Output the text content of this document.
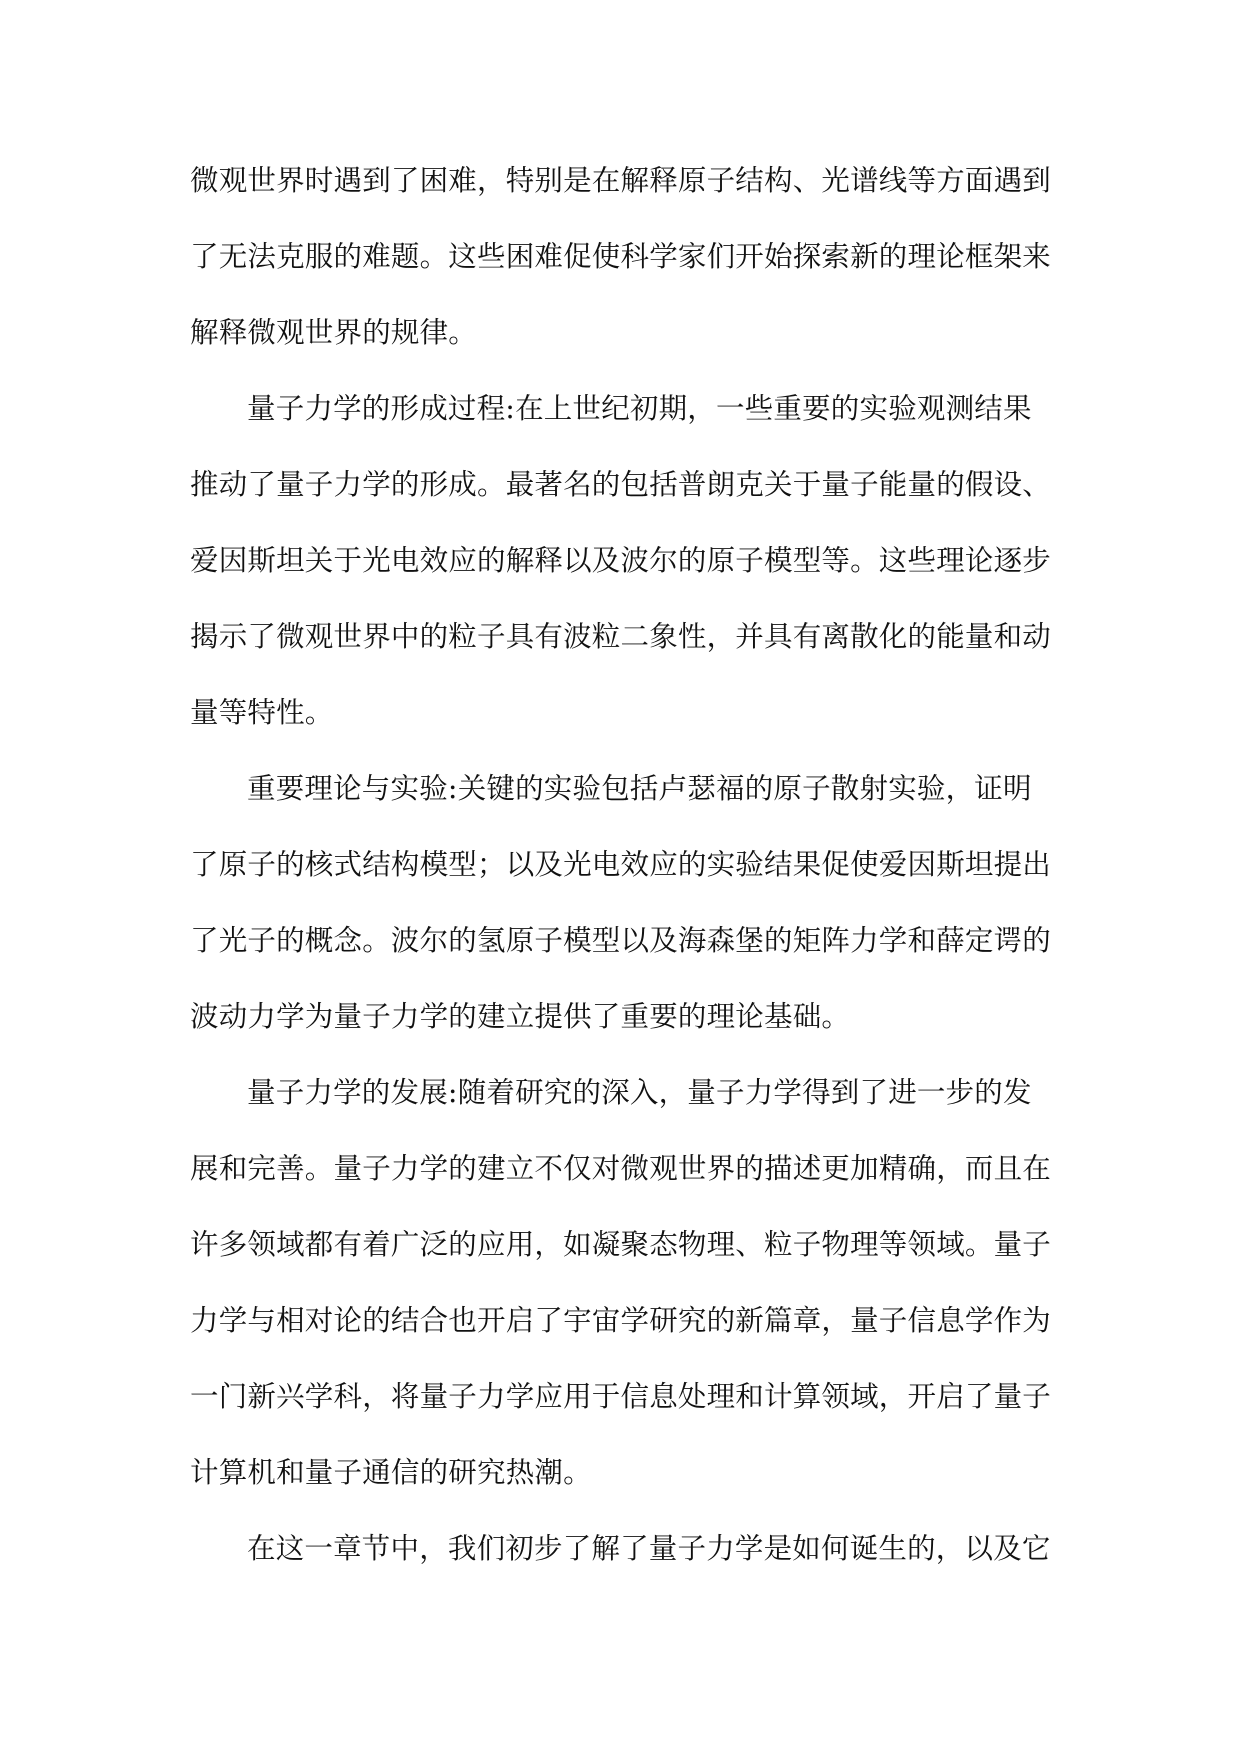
微观世界时遇到了困难，特别是在解释原子结构、光谱线等方面遇到
了无法克服的难题。这些困难促使科学家们开始探索新的理论框架来
解释微观世界的规律。

量子力学的形成过程:在上世纪初期，一些重要的实验观测结果
推动了量子力学的形成。最著名的包括普朗克关于量子能量的假设、
爱因斯坦关于光电效应的解释以及波尔的原子模型等。这些理论逐步
揭示了微观世界中的粒子具有波粒二象性，并具有离散化的能量和动
量等特性。

重要理论与实验:关键的实验包括卢瑟福的原子散射实验，证明
了原子的核式结构模型；以及光电效应的实验结果促使爱因斯坦提出
了光子的概念。波尔的氢原子模型以及海森堡的矩阵力学和薛定谔的
波动力学为量子力学的建立提供了重要的理论基础。

量子力学的发展:随着研究的深入，量子力学得到了进一步的发
展和完善。量子力学的建立不仅对微观世界的描述更加精确，而且在
许多领域都有着广泛的应用，如凝聚态物理、粒子物理等领域。量子
力学与相对论的结合也开启了宇宙学研究的新篇章，量子信息学作为
一门新兴学科，将量子力学应用于信息处理和计算领域，开启了量子
计算机和量子通信的研究热潮。

在这一章节中，我们初步了解了量子力学是如何诞生的，以及它
